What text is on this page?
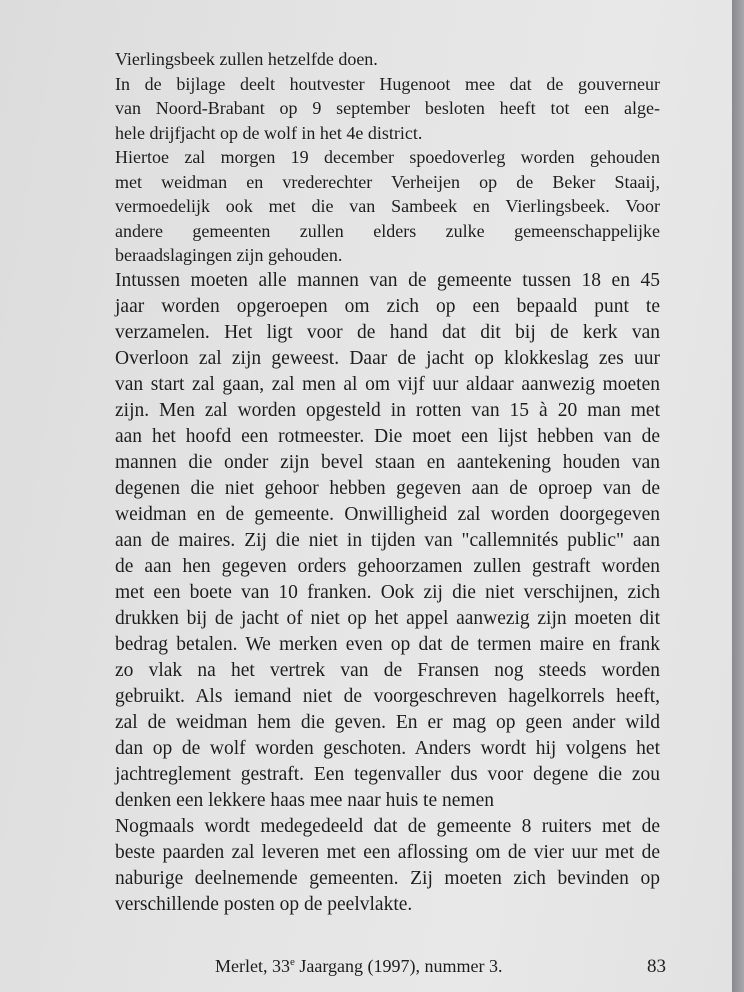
Vierlingsbeek zullen hetzelfde doen.
In de bijlage deelt houtvester Hugenoot mee dat de gouverneur
van Noord-Brabant op 9 september besloten heeft tot een alge-
hele drijfjacht op de wolf in het 4e district.
Hiertoe zal morgen 19 december spoedoverleg worden gehouden
met weidman en vrederechter Verheijen op de Beker Staaij,
vermoedelijk ook met die van Sambeek en Vierlingsbeek. Voor
andere gemeenten zullen elders zulke gemeenschappelijke
beraadslagingen zijn gehouden.
Intussen moeten alle mannen van de gemeente tussen 18 en 45
jaar worden opgeroepen om zich op een bepaald punt te
verzamelen. Het ligt voor de hand dat dit bij de kerk van
Overloon zal zijn geweest. Daar de jacht op klokkeslag zes uur
van start zal gaan, zal men al om vijf uur aldaar aanwezig moeten
zijn. Men zal worden opgesteld in rotten van 15 à 20 man met
aan het hoofd een rotmeester. Die moet een lijst hebben van de
mannen die onder zijn bevel staan en aantekening houden van
degenen die niet gehoor hebben gegeven aan de oproep van de
weidman en de gemeente. Onwilligheid zal worden doorgegeven
aan de maires. Zij die niet in tijden van "callemnités public" aan
de aan hen gegeven orders gehoorzamen zullen gestraft worden
met een boete van 10 franken. Ook zij die niet verschijnen, zich
drukken bij de jacht of niet op het appel aanwezig zijn moeten dit
bedrag betalen. We merken even op dat de termen maire en frank
zo vlak na het vertrek van de Fransen nog steeds worden
gebruikt. Als iemand niet de voorgeschreven hagelkorrels heeft,
zal de weidman hem die geven. En er mag op geen ander wild
dan op de wolf worden geschoten. Anders wordt hij volgens het
jachtreglement gestraft. Een tegenvaller dus voor degene die zou
denken een lekkere haas mee naar huis te nemen
Nogmaals wordt medegedeeld dat de gemeente 8 ruiters met de
beste paarden zal leveren met een aflossing om de vier uur met de
naburige deelnemende gemeenten. Zij moeten zich bevinden op
verschillende posten op de peelvlakte.
Merlet, 33e Jaargang (1997), nummer 3.	83
